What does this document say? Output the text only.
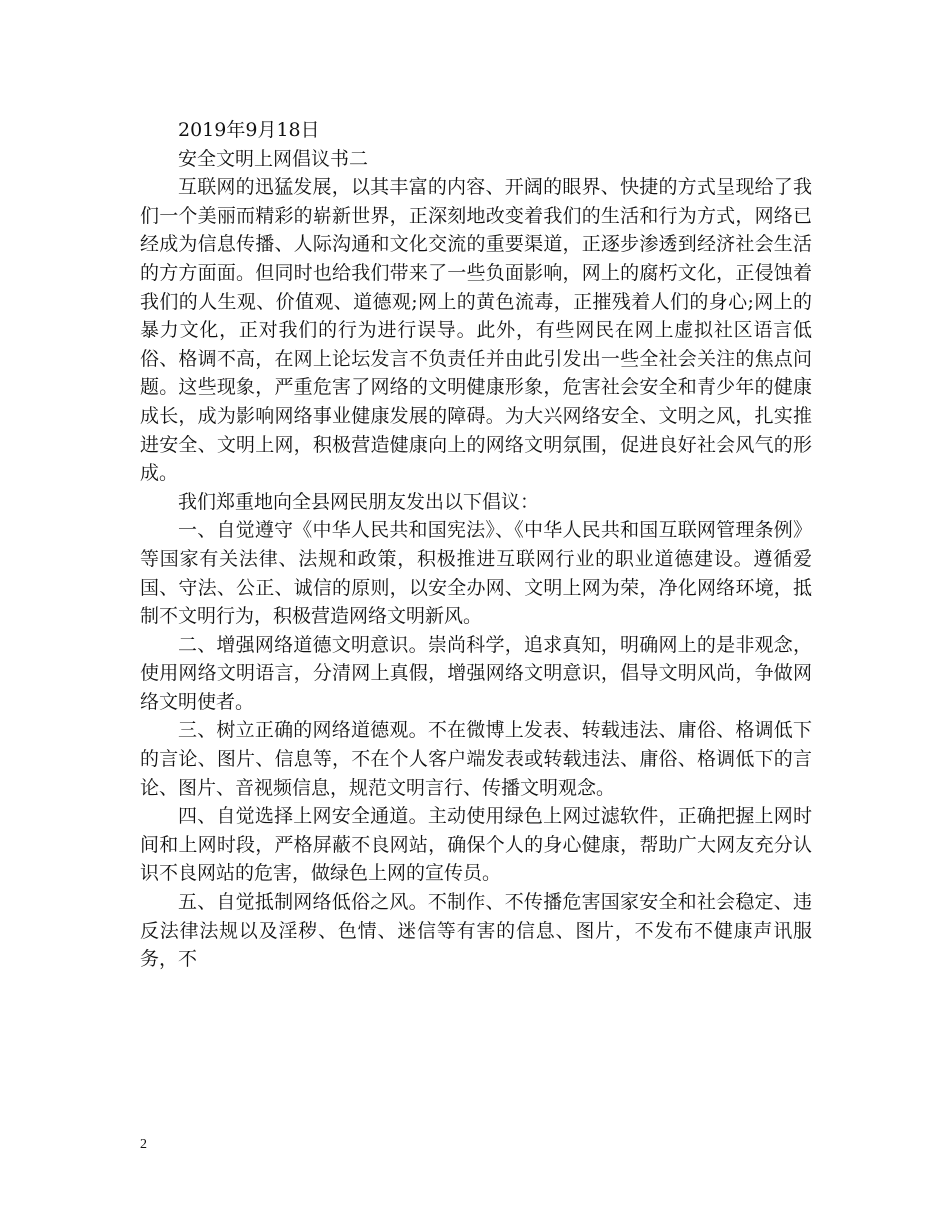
2019年9月18日

安全文明上网倡议书二

互联网的迅猛发展，以其丰富的内容、开阔的眼界、快捷的方式呈现给了我们一个美丽而精彩的崭新世界，正深刻地改变着我们的生活和行为方式，网络已经成为信息传播、人际沟通和文化交流的重要渠道，正逐步渗透到经济社会生活的方方面面。但同时也给我们带来了一些负面影响，网上的腐朽文化，正侵蚀着我们的人生观、价值观、道德观;网上的黄色流毒，正摧残着人们的身心;网上的暴力文化，正对我们的行为进行误导。此外，有些网民在网上虚拟社区语言低俗、格调不高，在网上论坛发言不负责任并由此引发出一些全社会关注的焦点问题。这些现象，严重危害了网络的文明健康形象，危害社会安全和青少年的健康成长，成为影响网络事业健康发展的障碍。为大兴网络安全、文明之风，扎实推进安全、文明上网，积极营造健康向上的网络文明氛围，促进良好社会风气的形成。

我们郑重地向全县网民朋友发出以下倡议：

一、自觉遵守《中华人民共和国宪法》、《中华人民共和国互联网管理条例》等国家有关法律、法规和政策，积极推进互联网行业的职业道德建设。遵循爱国、守法、公正、诚信的原则，以安全办网、文明上网为荣，净化网络环境，抵制不文明行为，积极营造网络文明新风。

二、增强网络道德文明意识。崇尚科学，追求真知，明确网上的是非观念，使用网络文明语言，分清网上真假，增强网络文明意识，倡导文明风尚，争做网络文明使者。

三、树立正确的网络道德观。不在微博上发表、转载违法、庸俗、格调低下的言论、图片、信息等，不在个人客户端发表或转载违法、庸俗、格调低下的言论、图片、音视频信息，规范文明言行、传播文明观念。

四、自觉选择上网安全通道。主动使用绿色上网过滤软件，正确把握上网时间和上网时段，严格屏蔽不良网站，确保个人的身心健康，帮助广大网友充分认识不良网站的危害，做绿色上网的宣传员。

五、自觉抵制网络低俗之风。不制作、不传播危害国家安全和社会稳定、违反法律法规以及淫秽、色情、迷信等有害的信息、图片，不发布不健康声讯服务，不

2
